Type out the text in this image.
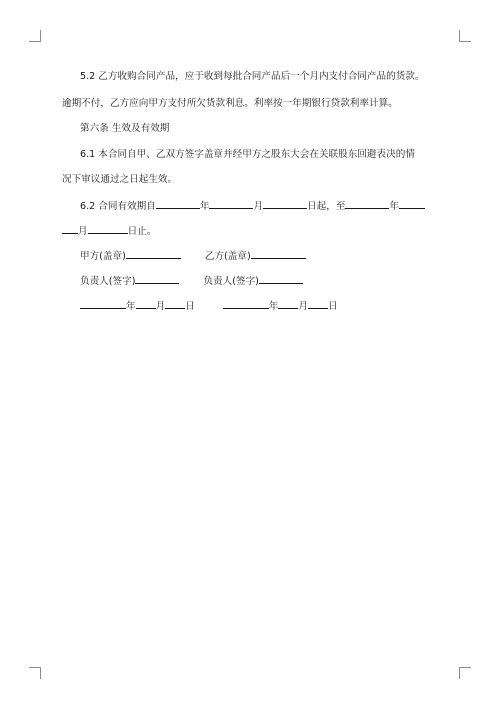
5.2 乙方收购合同产品，应于收到每批合同产品后一个月内支付合同产品的货款。
逾期不付，乙方应向甲方支付所欠货款利息。利率按一年期银行贷款利率计算。
第六条 生效及有效期
6.1 本合同自甲、乙双方签字盖章并经甲方之股东大会在关联股东回避表决的情
况下审议通过之日起生效。
6.2 合同有效期自	年	月	日起，至	年
月	日止。
甲方(盖章)	乙方(盖章)
负责人(签字)	负责人(签字)
年 月 日	年 月 日
